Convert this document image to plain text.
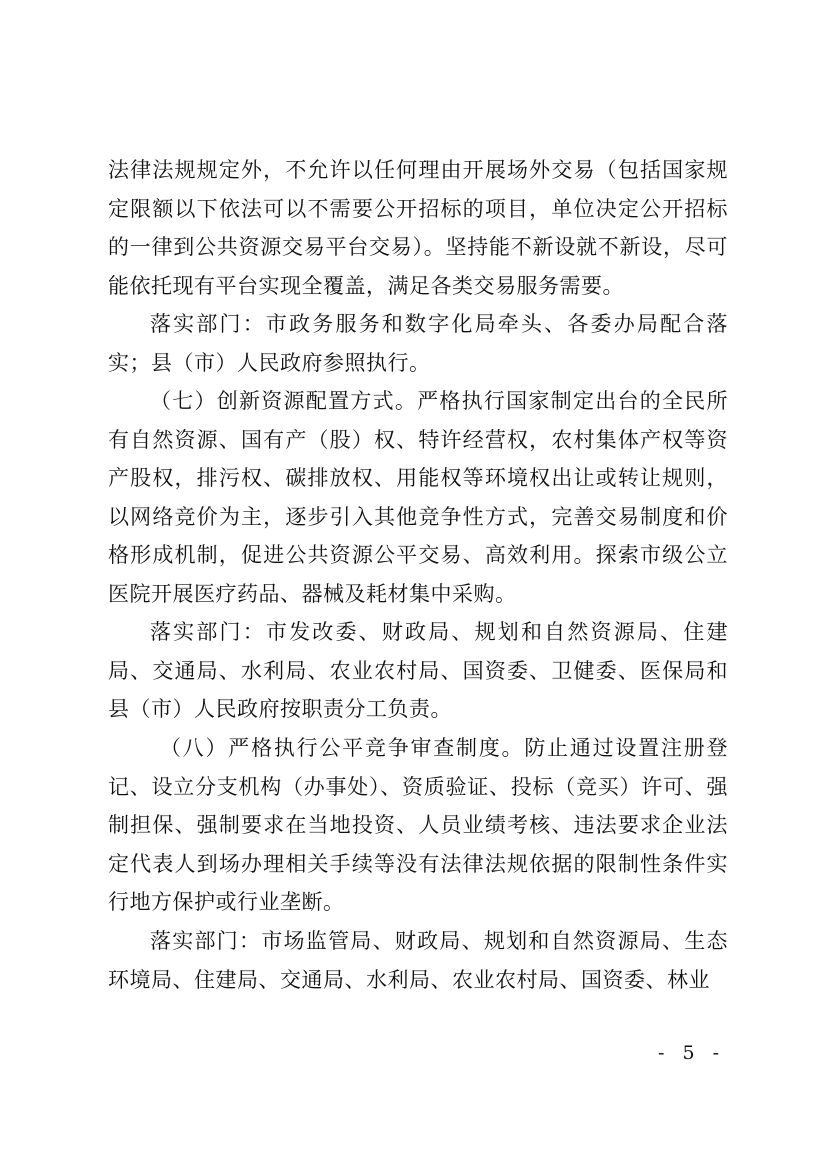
法律法规规定外，不允许以任何理由开展场外交易（包括国家规定限额以下依法可以不需要公开招标的项目，单位决定公开招标的一律到公共资源交易平台交易）。坚持能不新设就不新设，尽可能依托现有平台实现全覆盖，满足各类交易服务需要。

落实部门：市政务服务和数字化局牵头、各委办局配合落实；县（市）人民政府参照执行。

（七）创新资源配置方式。严格执行国家制定出台的全民所有自然资源、国有产（股）权、特许经营权，农村集体产权等资产股权，排污权、碳排放权、用能权等环境权出让或转让规则，以网络竞价为主，逐步引入其他竞争性方式，完善交易制度和价格形成机制，促进公共资源公平交易、高效利用。探索市级公立医院开展医疗药品、器械及耗材集中采购。

落实部门：市发改委、财政局、规划和自然资源局、住建局、交通局、水利局、农业农村局、国资委、卫健委、医保局和县（市）人民政府按职责分工负责。

（八）严格执行公平竞争审查制度。防止通过设置注册登记、设立分支机构（办事处）、资质验证、投标（竞买）许可、强制担保、强制要求在当地投资、人员业绩考核、违法要求企业法定代表人到场办理相关手续等没有法律法规依据的限制性条件实行地方保护或行业垄断。

落实部门：市场监管局、财政局、规划和自然资源局、生态环境局、住建局、交通局、水利局、农业农村局、国资委、林业

- 5 -
